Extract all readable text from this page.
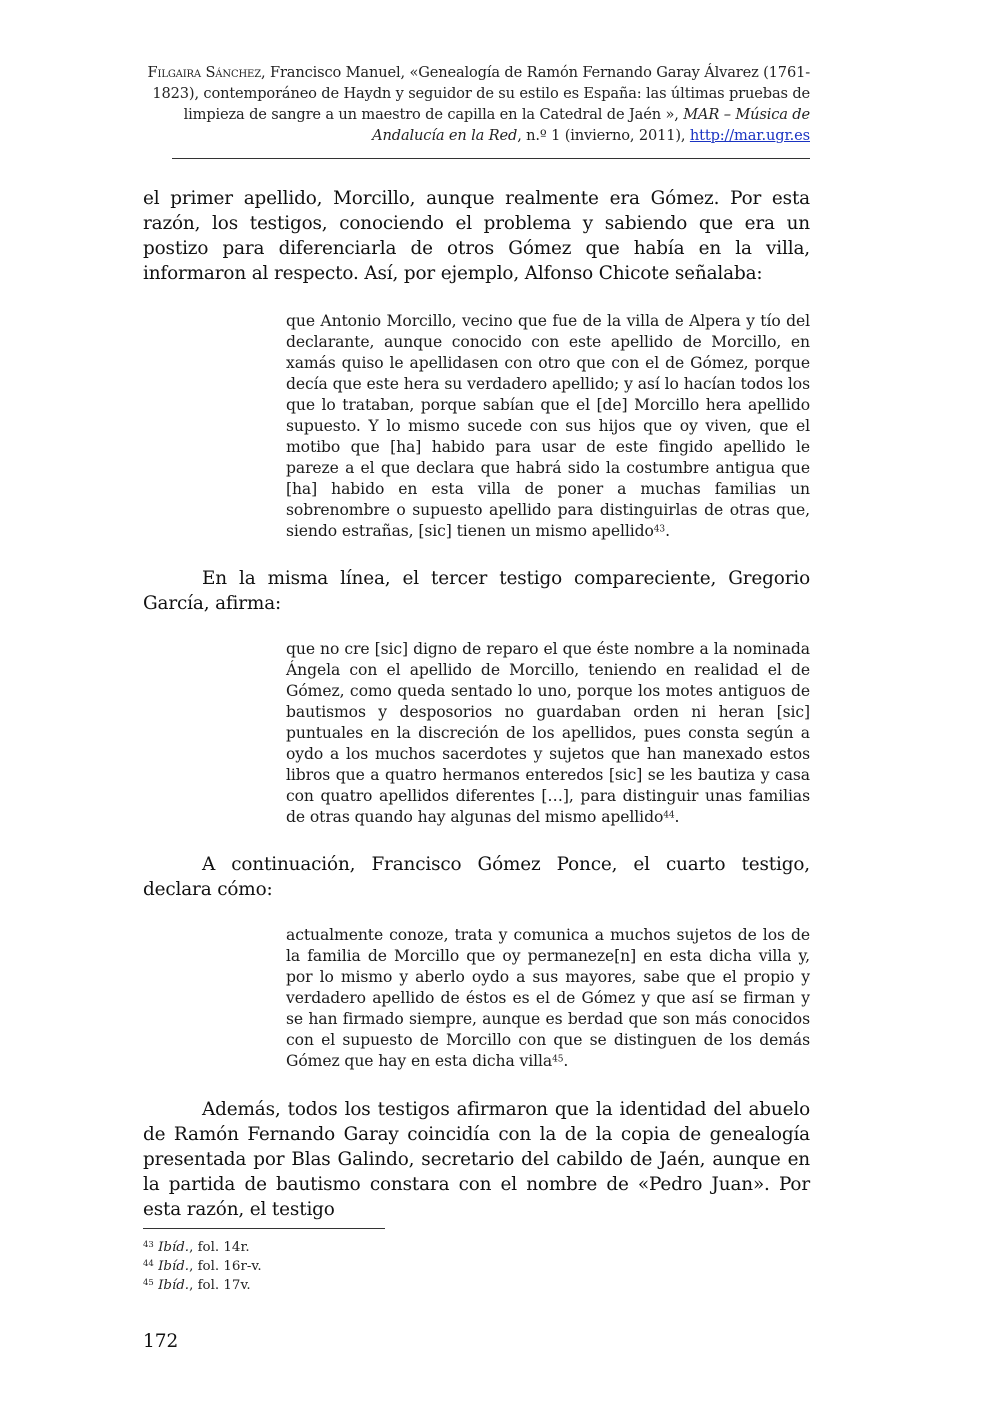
Filgaira Sánchez, Francisco Manuel, «Genealogía de Ramón Fernando Garay Álvarez (1761-1823), contemporáneo de Haydn y seguidor de su estilo es España: las últimas pruebas de limpieza de sangre a un maestro de capilla en la Catedral de Jaén », MAR – Música de Andalucía en la Red, n.º 1 (invierno, 2011), http://mar.ugr.es

el primer apellido, Morcillo, aunque realmente era Gómez. Por esta razón, los testigos, conociendo el problema y sabiendo que era un postizo para diferenciarla de otros Gómez que había en la villa, informaron al respecto. Así, por ejemplo, Alfonso Chicote señalaba:

que Antonio Morcillo, vecino que fue de la villa de Alpera y tío del declarante, aunque conocido con este apellido de Morcillo, en xamás quiso le apellidasen con otro que con el de Gómez, porque decía que este hera su verdadero apellido; y así lo hacían todos los que lo trataban, porque sabían que el [de] Morcillo hera apellido supuesto. Y lo mismo sucede con sus hijos que oy viven, que el motibo que [ha] habido para usar de este fingido apellido le pareze a el que declara que habrá sido la costumbre antigua que [ha] habido en esta villa de poner a muchas familias un sobrenombre o supuesto apellido para distinguirlas de otras que, siendo estrañas, [sic] tienen un mismo apellido$^{43}$.

En la misma línea, el tercer testigo compareciente, Gregorio García, afirma:

que no cre [sic] digno de reparo el que éste nombre a la nominada Ángela con el apellido de Morcillo, teniendo en realidad el de Gómez, como queda sentado lo uno, porque los motes antiguos de bautismos y desposorios no guardaban orden ni heran [sic] puntuales en la discreción de los apellidos, pues consta según a oydo a los muchos sacerdotes y sujetos que han manexado estos libros que a quatro hermanos enteredos [sic] se les bautiza y casa con quatro apellidos diferentes […], para distinguir unas familias de otras quando hay algunas del mismo apellido$^{44}$.

A continuación, Francisco Gómez Ponce, el cuarto testigo, declara cómo:

actualmente conoze, trata y comunica a muchos sujetos de los de la familia de Morcillo que oy permaneze[n] en esta dicha villa y, por lo mismo y aberlo oydo a sus mayores, sabe que el propio y verdadero apellido de éstos es el de Gómez y que así se firman y se han firmado siempre, aunque es berdad que son más conocidos con el supuesto de Morcillo con que se distinguen de los demás Gómez que hay en esta dicha villa$^{45}$.

Además, todos los testigos afirmaron que la identidad del abuelo de Ramón Fernando Garay coincidía con la de la copia de genealogía presentada por Blas Galindo, secretario del cabildo de Jaén, aunque en la partida de bautismo constara con el nombre de «Pedro Juan». Por esta razón, el testigo

$^{43}$ Ibíd., fol. 14r.
$^{44}$ Ibíd., fol. 16r-v.
$^{45}$ Ibíd., fol. 17v.
172
